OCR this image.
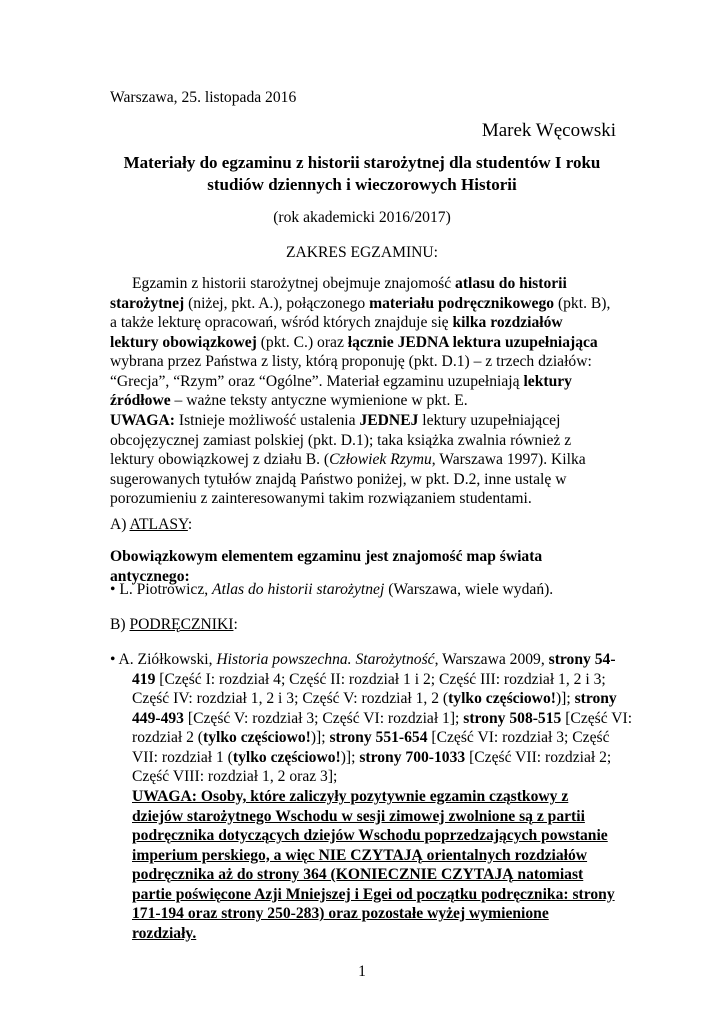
Warszawa, 25. listopada 2016
Marek Węcowski
Materiały do egzaminu z historii starożytnej dla studentów I roku
studiów dziennych i wieczorowych Historii
(rok akademicki 2016/2017)
ZAKRES EGZAMINU:

Egzamin z historii starożytnej obejmuje znajomość atlasu do historii starożytnej (niżej, pkt. A.), połączonego materiału podręcznikowego (pkt. B), a także lekturę opracowań, wśród których znajduje się kilka rozdziałów lektury obowiązkowej (pkt. C.) oraz łącznie JEDNA lektura uzupełniająca wybrana przez Państwa z listy, którą proponuję (pkt. D.1) – z trzech działów: “Grecja”, “Rzym” oraz “Ogólne”. Materiał egzaminu uzupełniają lektury źródłowe – ważne teksty antyczne wymienione w pkt. E.

UWAGA: Istnieje możliwość ustalenia JEDNEJ lektury uzupełniającej obcojęzycznej zamiast polskiej (pkt. D.1); taka książka zwalnia również z lektury obowiązkowej z działu B. (Człowiek Rzymu, Warszawa 1997). Kilka sugerowanych tytułów znajdą Państwo poniżej, w pkt. D.2, inne ustalę w porozumieniu z zainteresowanymi takim rozwiązaniem studentami.

A) ATLASY:
Obowiązkowym elementem egzaminu jest znajomość map świata antycznego:
• L. Piotrowicz, Atlas do historii starożytnej (Warszawa, wiele wydań).
B) PODRĘCZNIKI:

• A. Ziółkowski, Historia powszechna. Starożytność, Warszawa 2009, strony 54-419 [Część I: rozdział 4; Część II: rozdział 1 i 2; Część III: rozdział 1, 2 i 3; Część IV: rozdział 1, 2 i 3; Część V: rozdział 1, 2 (tylko częściowo!)]; strony 449-493 [Część V: rozdział 3; Część VI: rozdział 1]; strony 508-515 [Część VI: rozdział 2 (tylko częściowo!)]; strony 551-654 [Część VI: rozdział 3; Część VII: rozdział 1 (tylko częściowo!)]; strony 700-1033 [Część VII: rozdział 2; Część VIII: rozdział 1, 2 oraz 3];

UWAGA: Osoby, które zaliczyły pozytywnie egzamin cząstkowy z dziejów starożytnego Wschodu w sesji zimowej zwolnione są z partii podręcznika dotyczących dziejów Wschodu poprzedzających powstanie imperium perskiego, a więc NIE CZYTAJĄ orientalnych rozdziałów podręcznika aż do strony 364 (KONIECZNIE CZYTAJĄ natomiast partie poświęcone Azji Mniejszej i Egei od początku podręcznika: strony 171-194 oraz strony 250-283) oraz pozostałe wyżej wymienione rozdziały.

1
